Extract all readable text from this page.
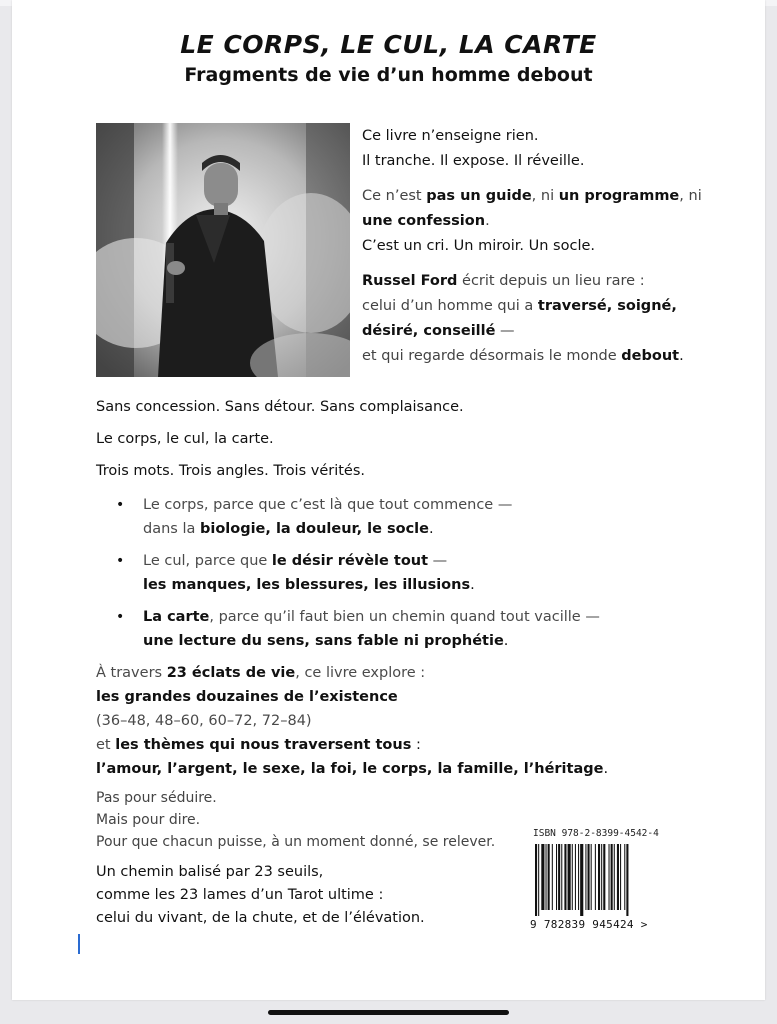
LE CORPS, LE CUL, LA CARTE
Fragments de vie d’un homme debout

Ce livre n’enseigne rien.
Il tranche. Il expose. Il réveille.

Ce n’est pas un guide, ni un programme, ni
une confession.
C’est un cri. Un miroir. Un socle.

Russel Ford écrit depuis un lieu rare :
celui d’un homme qui a traversé, soigné,
désiré, conseillé —
et qui regarde désormais le monde debout.

Sans concession. Sans détour. Sans complaisance.

Le corps, le cul, la carte.

Trois mots. Trois angles. Trois vérités.

• Le corps, parce que c’est là que tout commence —
dans la biologie, la douleur, le socle.
• Le cul, parce que le désir révèle tout —
les manques, les blessures, les illusions.
• La carte, parce qu’il faut bien un chemin quand tout vacille —
une lecture du sens, sans fable ni prophétie.

À travers 23 éclats de vie, ce livre explore :
les grandes douzaines de l’existence
(36–48, 48–60, 60–72, 72–84)
et les thèmes qui nous traversent tous :
l’amour, l’argent, le sexe, la foi, le corps, la famille, l’héritage.

Pas pour séduire.
Mais pour dire.
Pour que chacun puisse, à un moment donné, se relever.
Un chemin balisé par 23 seuils,
comme les 23 lames d’un Tarot ultime :
celui du vivant, de la chute, et de l’élévation.
ISBN 978-2-8399-4542-4
9 782839 945424 >
